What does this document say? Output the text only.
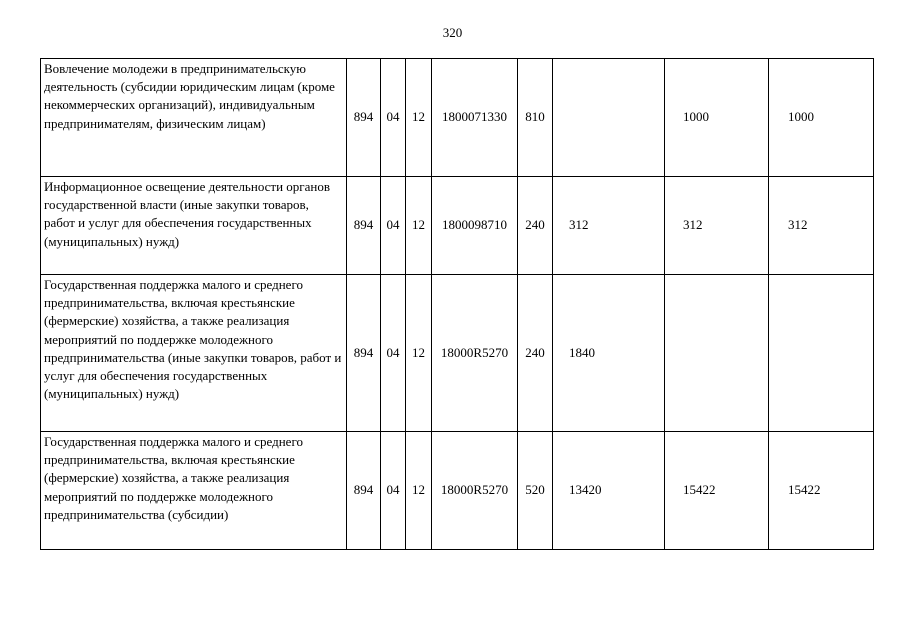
320
Вовлечение молодежи в предпринимательскую деятельность (субсидии юридическим лицам (кроме некоммерческих организаций), индивидуальным предпринимателям, физическим лицам)	894	04	12	1800071330	810		1000	1000
Информационное освещение деятельности органов государственной власти (иные закупки товаров, работ и услуг для обеспечения государственных (муниципальных) нужд)	894	04	12	1800098710	240	312	312	312
Государственная поддержка малого и среднего предпринимательства, включая крестьянские (фермерские) хозяйства, а также реализация мероприятий по поддержке молодежного предпринимательства (иные закупки товаров, работ и услуг для обеспечения государственных (муниципальных) нужд)	894	04	12	18000R5270	240	1840		
Государственная поддержка малого и среднего предпринимательства, включая крестьянские (фермерские) хозяйства, а также реализация мероприятий по поддержке молодежного предпринимательства (субсидии)	894	04	12	18000R5270	520	13420	15422	15422
